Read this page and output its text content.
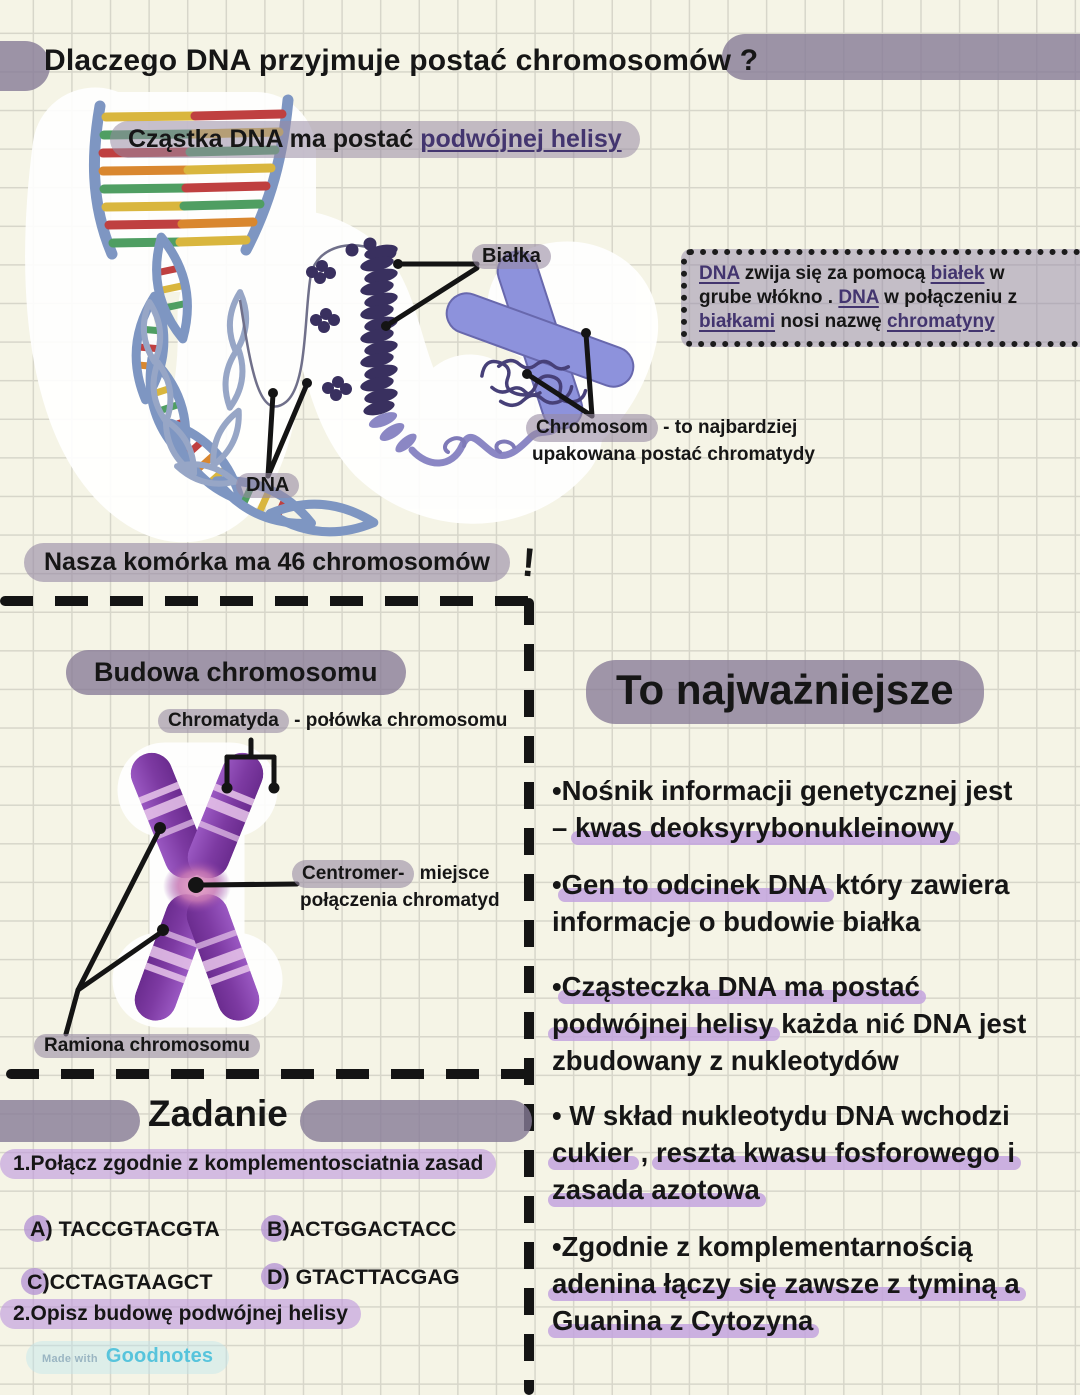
Dlaczego DNA przyjmuje postać chromosomów ?
Cząstka DNA ma postać podwójnej helisy
Białka
DNA zwija się za pomocą białek w
grube włókno . DNA w połączeniu z
białkami nosi nazwę chromatyny
Chromosom - to najbardziej
upakowana postać chromatydy
DNA
Nasza komórka ma 46 chromosomów !
Budowa chromosomu
Chromatyda - połówka chromosomu
Centromer- miejsce
połączenia chromatyd
Ramiona chromosomu
Zadanie
1.Połącz zgodnie z komplementosciatnia zasad

A) TACCGTACGTA	B)ACTGGACTACC

C)CCTAGTAAGCT	D) GTACTTACGAG

2.Opisz budowę podwójnej helisy
Made with Goodnotes
To najważniejsze
•Nośnik informacji genetycznej jest
– kwas deoksyrybonukleinowy
•Gen to odcinek DNA który zawiera
informacje o budowie białka
•Cząsteczka DNA ma postać
podwójnej helisy każda nić DNA jest
zbudowany z nukleotydów
• W skład nukleotydu DNA wchodzi
cukier , reszta kwasu fosforowego i
zasada azotowa
•Zgodnie z komplementarnością
adenina łączy się zawsze z tyminą a
Guanina z Cytozyna
